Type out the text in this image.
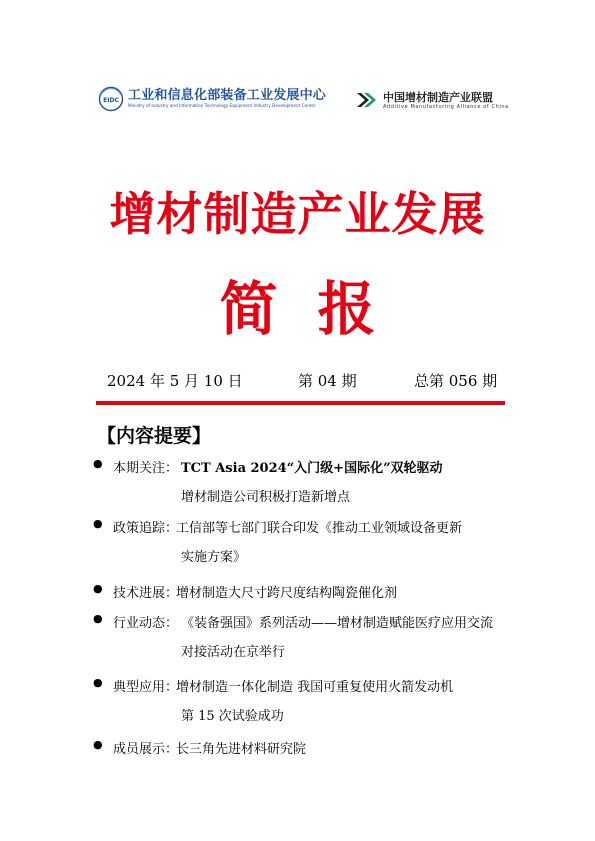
EIDC 工业和信息化部装备工业发展中心
Ministry of Industry and Information Technology Equipment Industry Development Center
中国增材制造产业联盟
Additive Manufacturing Alliance of China
增材制造产业发展
简报
2024 年 5 月 10 日	第 04 期	总第 056 期
【内容提要】
● 本期关注： TCT Asia 2024“入门级+国际化”双轮驱动
增材制造公司积极打造新增点
● 政策追踪：
工信部等七部门联合印发《推动工业领域设备更新
实施方案》
● 技术进展：
增材制造大尺寸跨尺度结构陶瓷催化剂
● 行业动态： 《装备强国》系列活动——增材制造赋能医疗应用交流
对接活动在京举行
● 典型应用：
增材制造一体化制造 我国可重复使用火箭发动机
第 15 次试验成功
● 成员展示：
长三角先进材料研究院
